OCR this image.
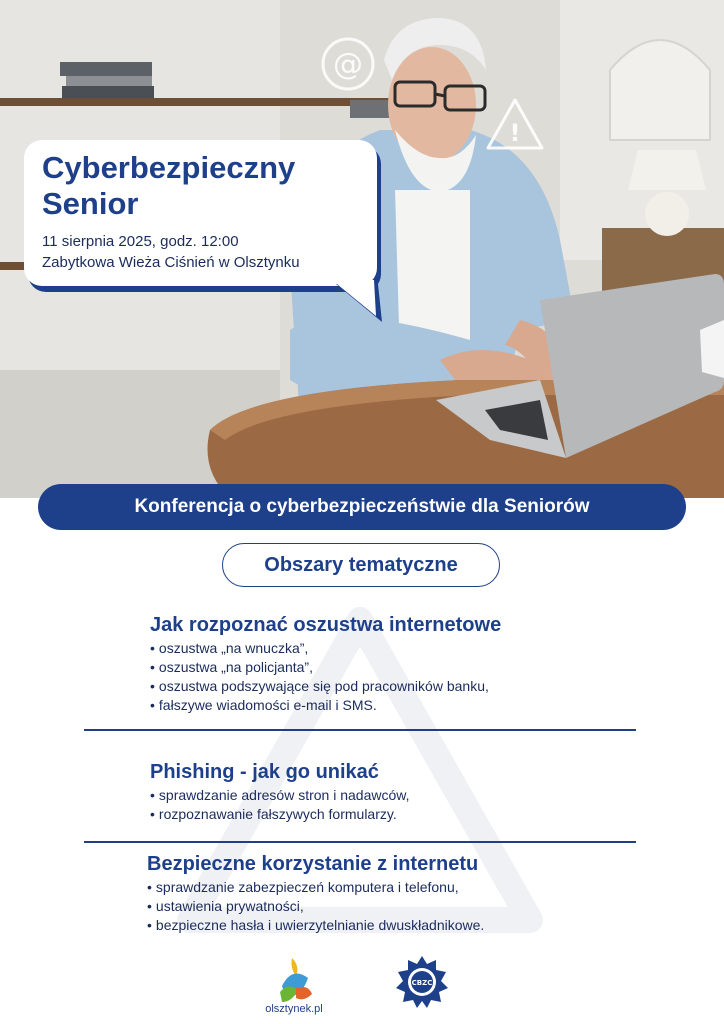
@
!
Cyberbezpieczny Senior
11 sierpnia 2025, godz. 12:00
Zabytkowa Wieża Ciśnień w Olsztynku
Konferencja o cyberbezpieczeństwie dla Seniorów
Obszary tematyczne
Jak rozpoznać oszustwa internetowe
• oszustwa „na wnuczka”,
• oszustwa „na policjanta”,
• oszustwa podszywające się pod pracowników banku,
• fałszywe wiadomości e-mail i SMS.
Phishing - jak go unikać
• sprawdzanie adresów stron i nadawców,
• rozpoznawanie fałszywych formularzy.
Bezpieczne korzystanie z internetu
• sprawdzanie zabezpieczeń komputera i telefonu,
• ustawienia prywatności,
• bezpieczne hasła i uwierzytelnianie dwuskładnikowe.
olsztynek.pl
CBZC
